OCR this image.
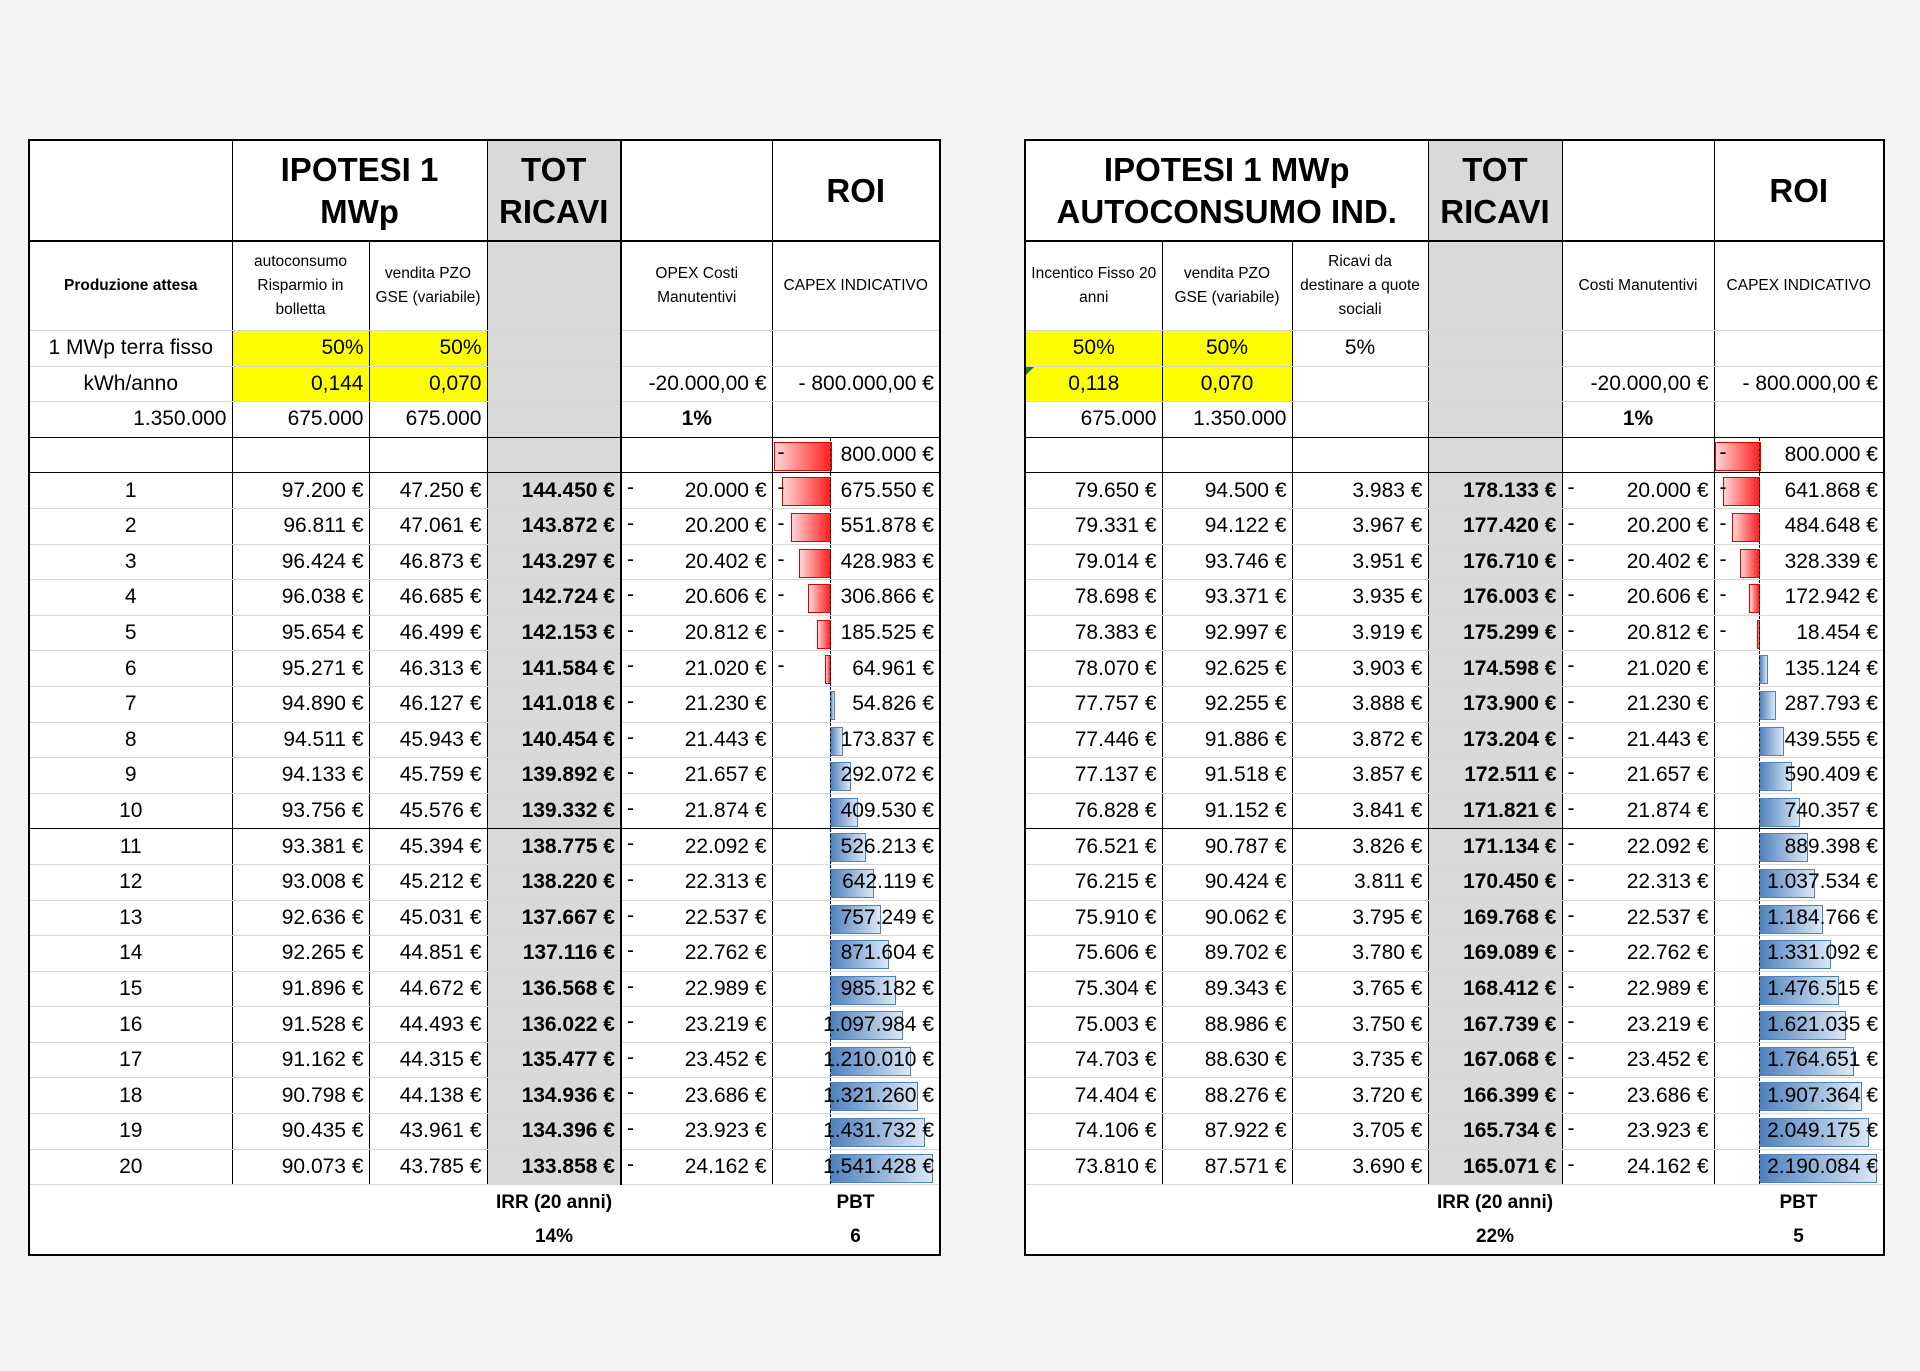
	IPOTESI 1 MWp		TOT RICAVI		ROI
Produzione attesa	autoconsumo Risparmio in bolletta	vendita PZO GSE (variabile)		OPEX Costi Manutentivi	CAPEX INDICATIVO
1 MWp terra fisso	50%	50%			
kWh/anno	0,144	0,070		-20.000,00 €	- 800.000,00 €
1.350.000	675.000	675.000		1%	

					- 800.000 €
1	97.200 €	47.250 €	144.450 €	- 20.000 €	- 675.550 €
2	96.811 €	47.061 €	143.872 €	- 20.200 €	- 551.878 €
3	96.424 €	46.873 €	143.297 €	- 20.402 €	- 428.983 €
4	96.038 €	46.685 €	142.724 €	- 20.606 €	- 306.866 €
5	95.654 €	46.499 €	142.153 €	- 20.812 €	- 185.525 €
6	95.271 €	46.313 €	141.584 €	- 21.020 €	- 64.961 €
7	94.890 €	46.127 €	141.018 €	- 21.230 €	54.826 €
8	94.511 €	45.943 €	140.454 €	- 21.443 €	173.837 €
9	94.133 €	45.759 €	139.892 €	- 21.657 €	292.072 €
10	93.756 €	45.576 €	139.332 €	- 21.874 €	409.530 €
11	93.381 €	45.394 €	138.775 €	- 22.092 €	526.213 €
12	93.008 €	45.212 €	138.220 €	- 22.313 €	642.119 €
13	92.636 €	45.031 €	137.667 €	- 22.537 €	757.249 €
14	92.265 €	44.851 €	137.116 €	- 22.762 €	871.604 €
15	91.896 €	44.672 €	136.568 €	- 22.989 €	985.182 €
16	91.528 €	44.493 €	136.022 €	- 23.219 €	1.097.984 €
17	91.162 €	44.315 €	135.477 €	- 23.452 €	1.210.010 €
18	90.798 €	44.138 €	134.936 €	- 23.686 €	1.321.260 €
19	90.435 €	43.961 €	134.396 €	- 23.923 €	1.431.732 €
20	90.073 €	43.785 €	133.858 €	- 24.162 €	1.541.428 €
			IRR (20 anni)		PBT
			14%		6
IPOTESI 1 MWp AUTOCONSUMO IND.			TOT RICAVI		ROI
Incentico Fisso 20 anni	vendita PZO GSE (variabile)	Ricavi da destinare a quote sociali		Costi Manutentivi	CAPEX INDICATIVO
50%	50%	5%			

0,118	0,070			-20.000,00 €	- 800.000,00 €
675.000	1.350.000			1%	

					- 800.000 €
79.650 €	94.500 €	3.983 €	178.133 €	- 20.000 €	- 641.868 €
79.331 €	94.122 €	3.967 €	177.420 €	- 20.200 €	- 484.648 €
79.014 €	93.746 €	3.951 €	176.710 €	- 20.402 €	- 328.339 €
78.698 €	93.371 €	3.935 €	176.003 €	- 20.606 €	- 172.942 €
78.383 €	92.997 €	3.919 €	175.299 €	- 20.812 €	- 18.454 €
78.070 €	92.625 €	3.903 €	174.598 €	- 21.020 €	135.124 €
77.757 €	92.255 €	3.888 €	173.900 €	- 21.230 €	287.793 €
77.446 €	91.886 €	3.872 €	173.204 €	- 21.443 €	439.555 €
77.137 €	91.518 €	3.857 €	172.511 €	- 21.657 €	590.409 €
76.828 €	91.152 €	3.841 €	171.821 €	- 21.874 €	740.357 €
76.521 €	90.787 €	3.826 €	171.134 €	- 22.092 €	889.398 €
76.215 €	90.424 €	3.811 €	170.450 €	- 22.313 €	1.037.534 €
75.910 €	90.062 €	3.795 €	169.768 €	- 22.537 €	1.184.766 €
75.606 €	89.702 €	3.780 €	169.089 €	- 22.762 €	1.331.092 €
75.304 €	89.343 €	3.765 €	168.412 €	- 22.989 €	1.476.515 €
75.003 €	88.986 €	3.750 €	167.739 €	- 23.219 €	1.621.035 €
74.703 €	88.630 €	3.735 €	167.068 €	- 23.452 €	1.764.651 €
74.404 €	88.276 €	3.720 €	166.399 €	- 23.686 €	1.907.364 €
74.106 €	87.922 €	3.705 €	165.734 €	- 23.923 €	2.049.175 €
73.810 €	87.571 €	3.690 €	165.071 €	- 24.162 €	2.190.084 €
			IRR (20 anni)		PBT
			22%		5
